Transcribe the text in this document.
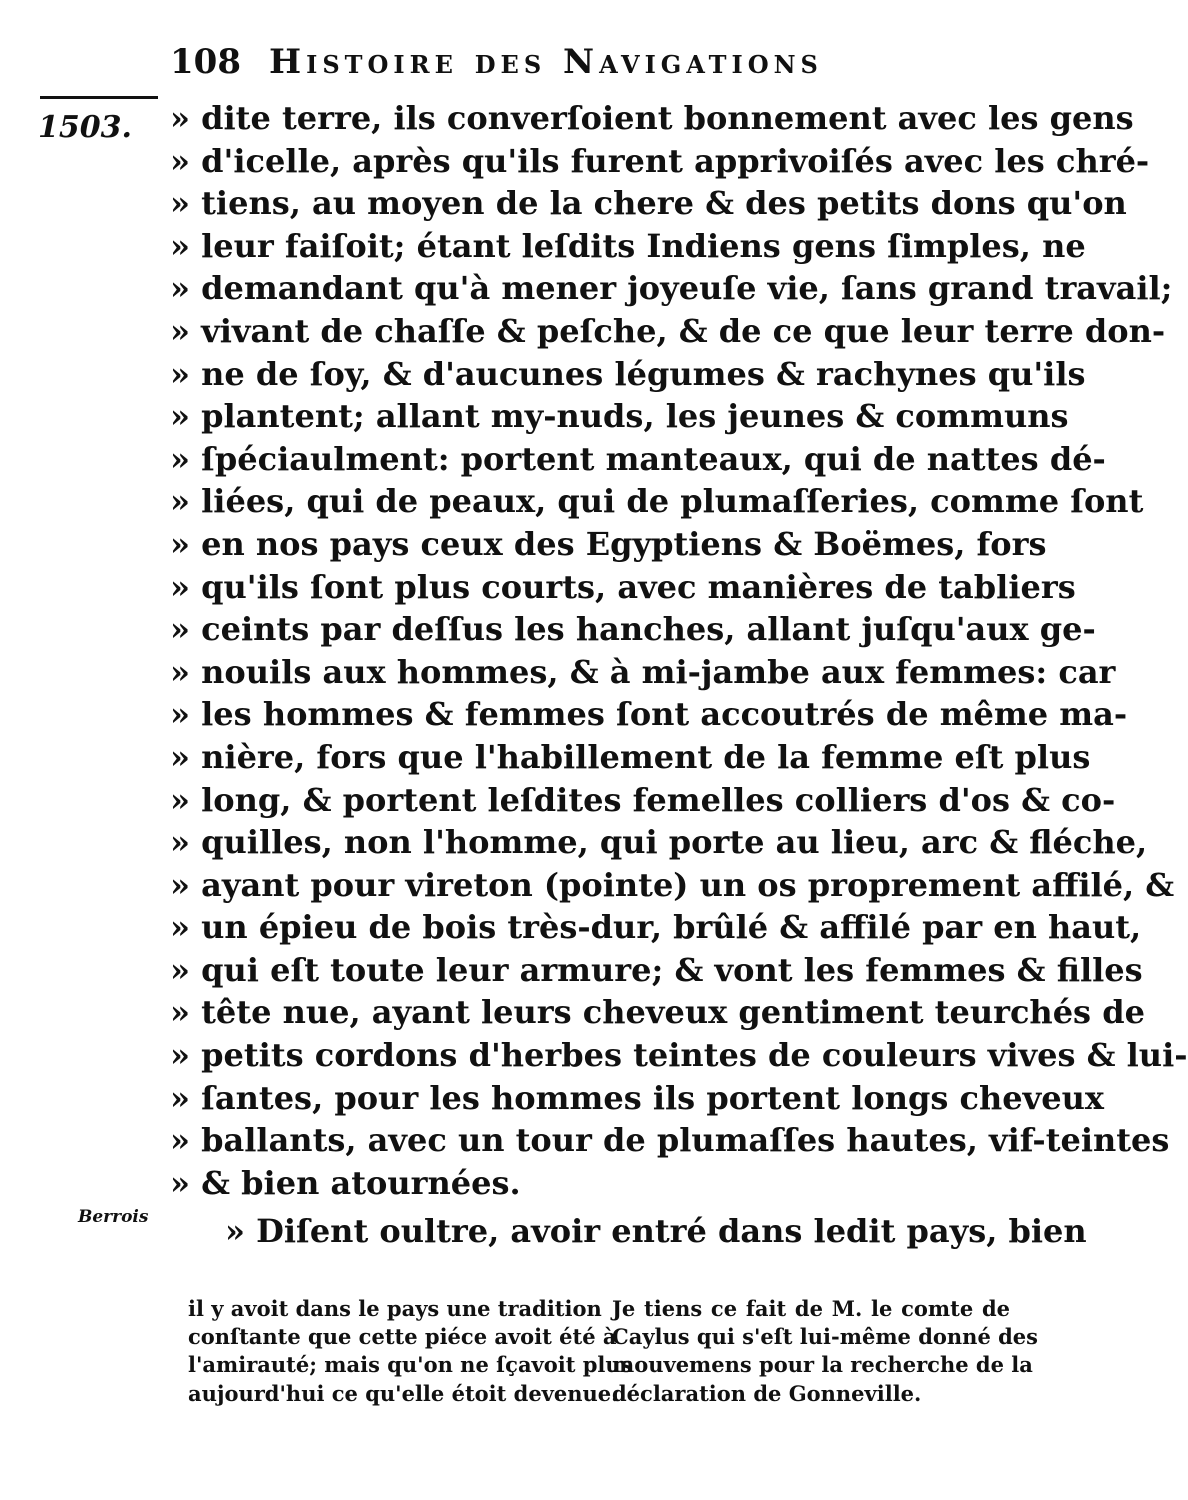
108 Histoire des Navigations
1503.
Berrois
» dite terre, ils converſoient bonnement avec les gens
» d'icelle, après qu'ils furent apprivoiſés avec les chré-
» tiens, au moyen de la chere & des petits dons qu'on
» leur faiſoit; étant leſdits Indiens gens ſimples, ne
» demandant qu'à mener joyeuſe vie, ſans grand travail;
» vivant de chaſſe & peſche, & de ce que leur terre don-
» ne de ſoy, & d'aucunes légumes & rachynes qu'ils
» plantent; allant my-nuds, les jeunes & communs
» ſpéciaulment: portent manteaux, qui de nattes dé-
» liées, qui de peaux, qui de plumaſſeries, comme ſont
» en nos pays ceux des Egyptiens & Boëmes, fors
» qu'ils ſont plus courts, avec manières de tabliers
» ceints par deſſus les hanches, allant juſqu'aux ge-
» nouils aux hommes, & à mi-jambe aux femmes: car
» les hommes & femmes ſont accoutrés de même ma-
» nière, fors que l'habillement de la femme eſt plus
» long, & portent leſdites femelles colliers d'os & co-
» quilles, non l'homme, qui porte au lieu, arc & fléche,
» ayant pour vireton (pointe) un os proprement affilé, &
» un épieu de bois très-dur, brûlé & affilé par en haut,
» qui eſt toute leur armure; & vont les femmes & filles
» tête nue, ayant leurs cheveux gentiment teurchés de
» petits cordons d'herbes teintes de couleurs vives & lui-
» ſantes, pour les hommes ils portent longs cheveux
» ballants, avec un tour de plumaſſes hautes, vif-teintes
» & bien atournées.
» Diſent oultre, avoir entré dans ledit pays, bien
il y avoit dans le pays une tradition
conſtante que cette piéce avoit été à
l'amirauté; mais qu'on ne ſçavoit plus
aujourd'hui ce qu'elle étoit devenue.
Je tiens ce fait de M. le comte de
Caylus qui s'eſt lui-même donné des
mouvemens pour la recherche de la
déclaration de Gonneville.
